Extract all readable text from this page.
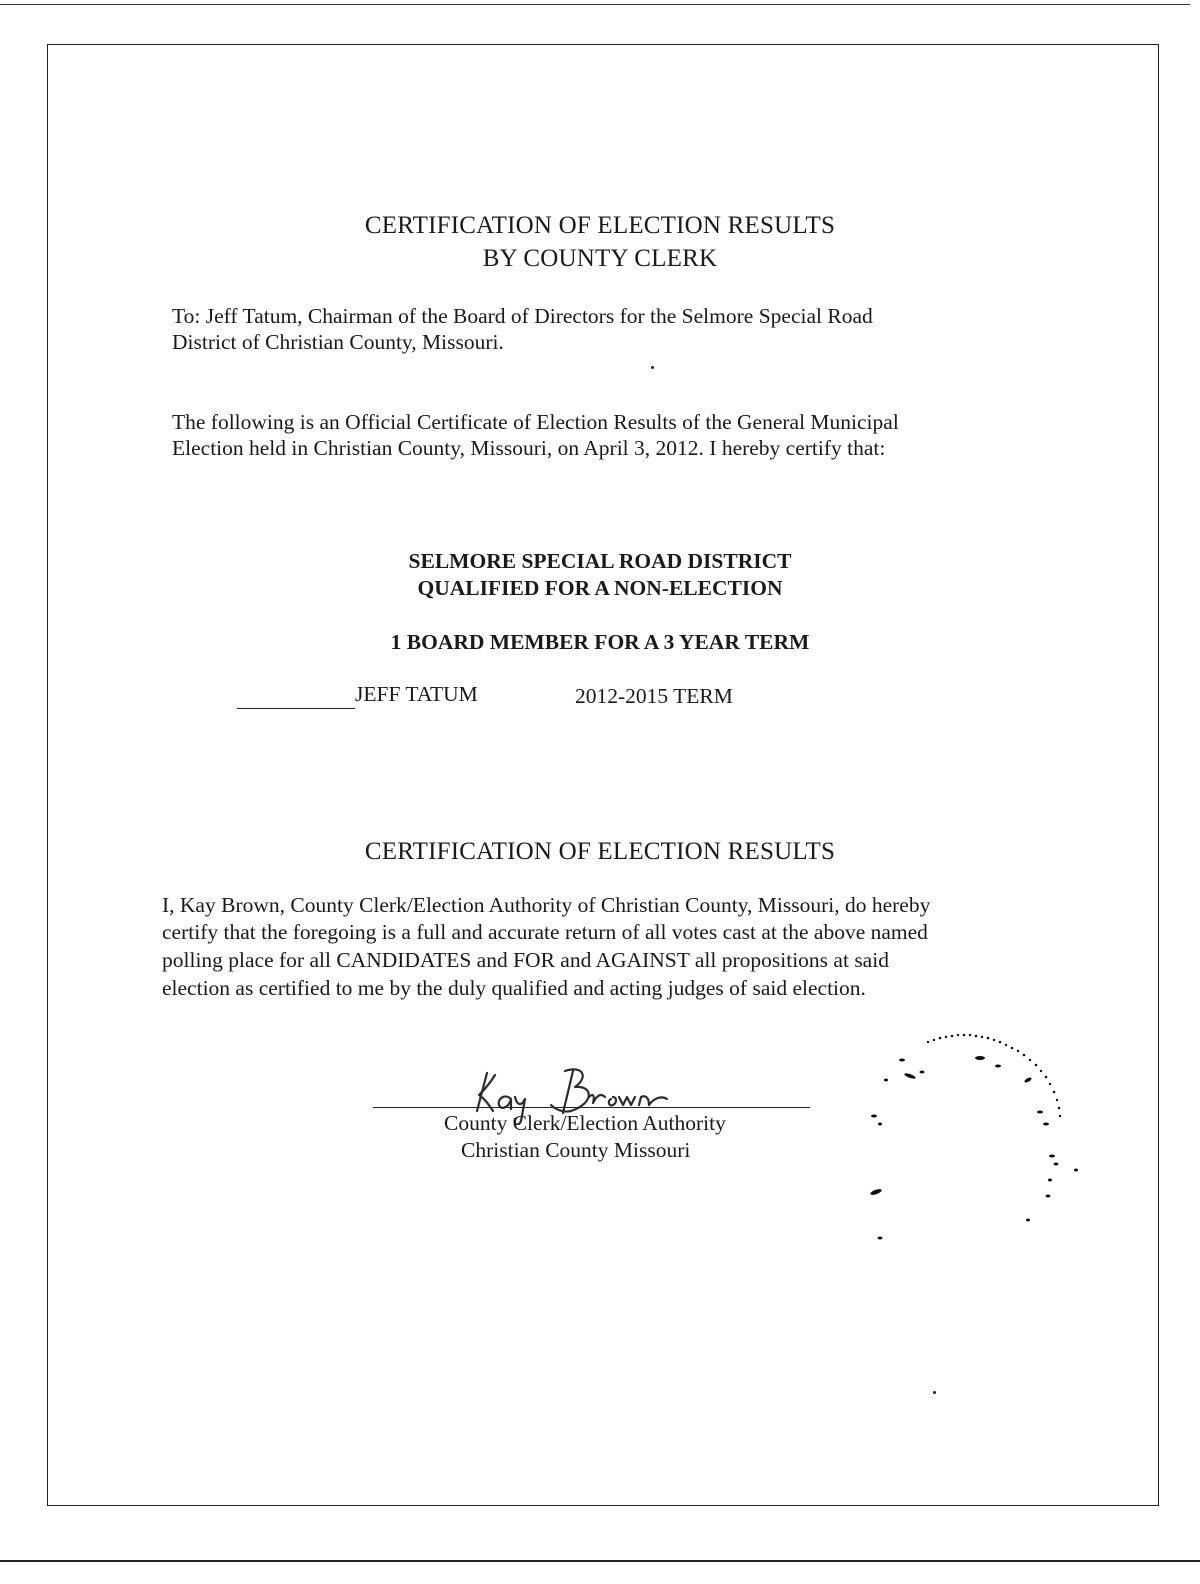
CERTIFICATION OF ELECTION RESULTS
BY COUNTY CLERK
To: Jeff Tatum, Chairman of the Board of Directors for the Selmore Special Road
District of Christian County, Missouri.
The following is an Official Certificate of Election Results of the General Municipal
Election held in Christian County, Missouri, on April 3, 2012. I hereby certify that:
SELMORE SPECIAL ROAD DISTRICT
QUALIFIED FOR A NON-ELECTION
1 BOARD MEMBER FOR A 3 YEAR TERM
JEFF TATUM	2012-2015 TERM
CERTIFICATION OF ELECTION RESULTS
I, Kay Brown, County Clerk/Election Authority of Christian County, Missouri, do hereby
certify that the foregoing is a full and accurate return of all votes cast at the above named
polling place for all CANDIDATES and FOR and AGAINST all propositions at said
election as certified to me by the duly qualified and acting judges of said election.
County Clerk/Election Authority
Christian County Missouri
